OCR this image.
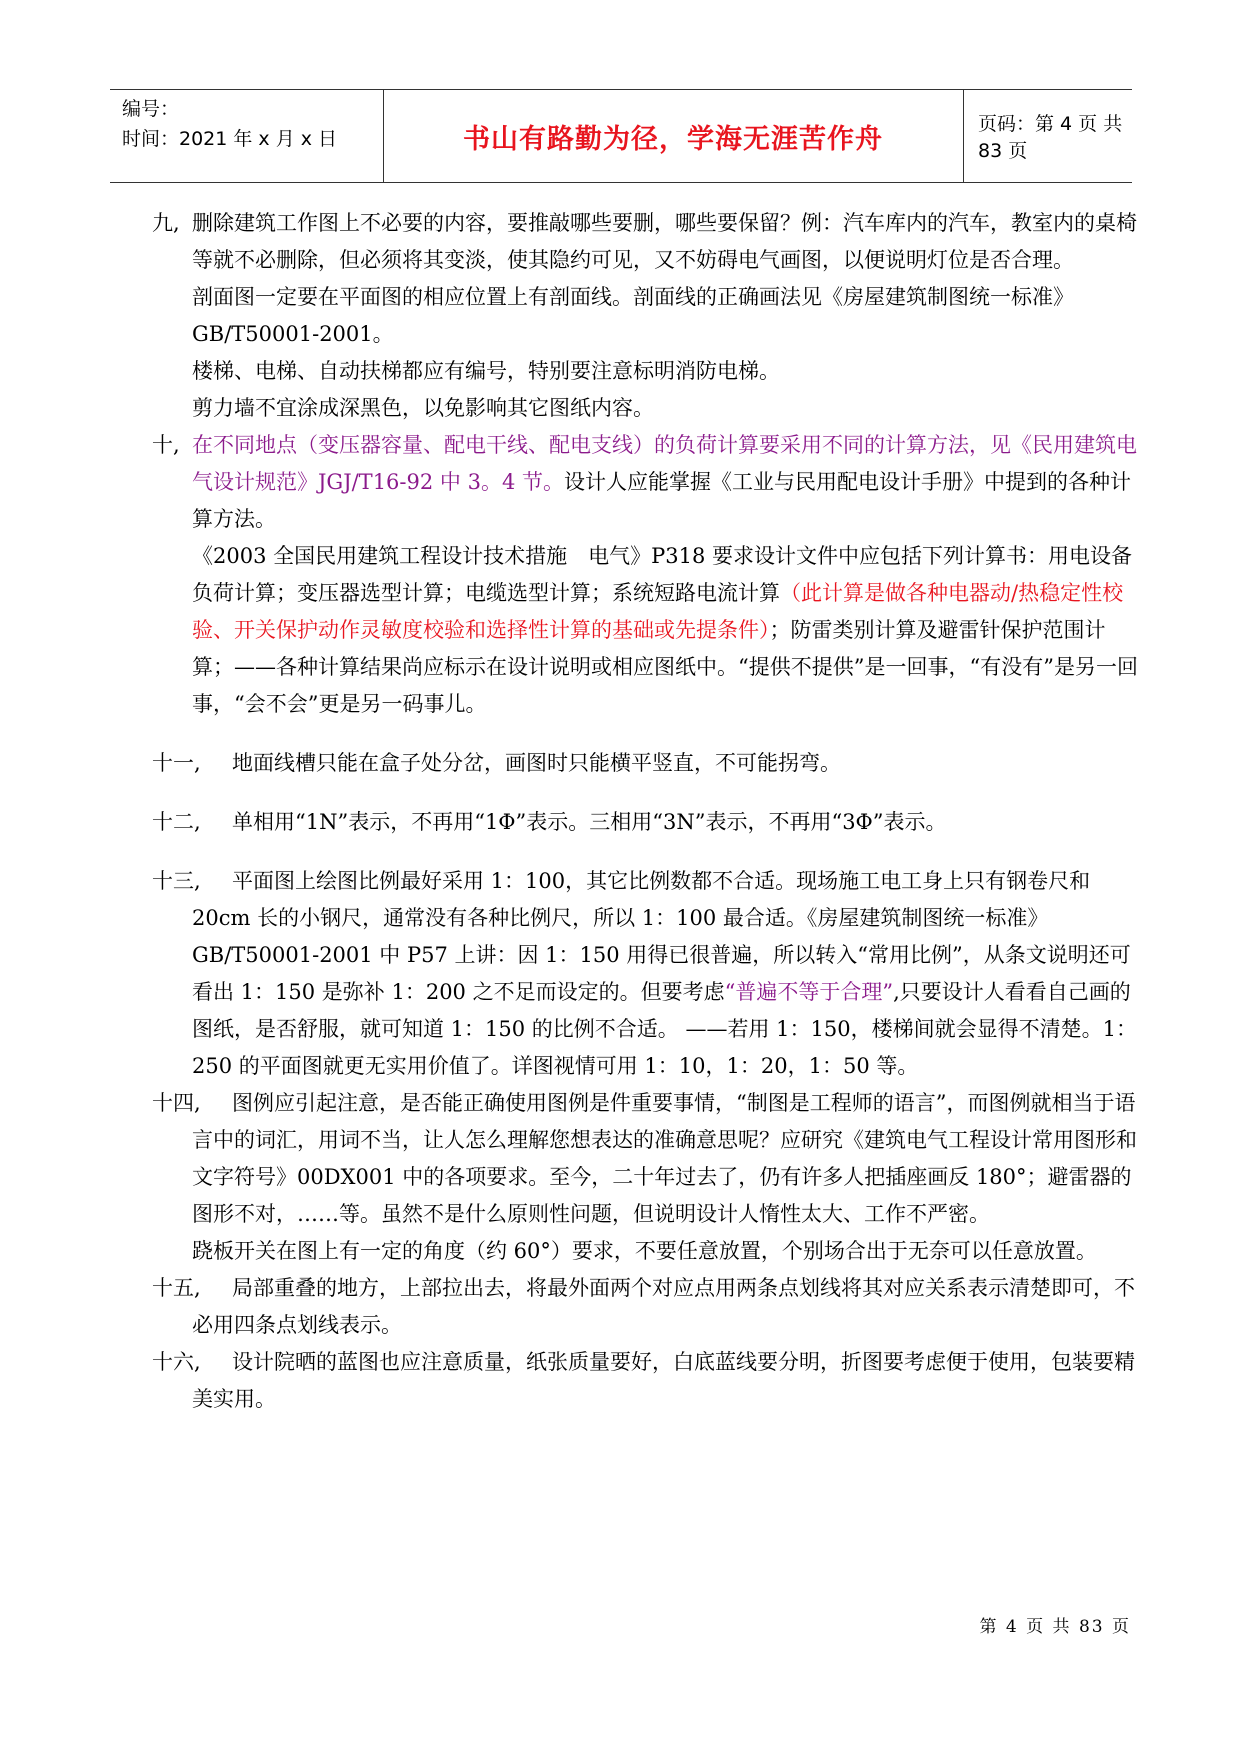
编号：
时间：2021 年 x 月 x 日	书山有路勤为径，学海无涯苦作舟	页码：第 4 页 共 83 页

九, 删除建筑工作图上不必要的内容，要推敲哪些要删，哪些要保留？例：汽车库内的汽车，教室内的桌椅等就不必删除，但必须将其变淡，使其隐约可见，又不妨碍电气画图，以便说明灯位是否合理。

剖面图一定要在平面图的相应位置上有剖面线。剖面线的正确画法见《房屋建筑制图统一标准》GB/T50001-2001。

楼梯、电梯、自动扶梯都应有编号，特别要注意标明消防电梯。

剪力墙不宜涂成深黑色，以免影响其它图纸内容。

十, 在不同地点（变压器容量、配电干线、配电支线）的负荷计算要采用不同的计算方法，见《民用建筑电气设计规范》JGJ/T16-92 中 3。4 节。设计人应能掌握《工业与民用配电设计手册》中提到的各种计算方法。

《2003 全国民用建筑工程设计技术措施　电气》P318 要求设计文件中应包括下列计算书：用电设备负荷计算；变压器选型计算；电缆选型计算；系统短路电流计算（此计算是做各种电器动/热稳定性校验、开关保护动作灵敏度校验和选择性计算的基础或先提条件）；防雷类别计算及避雷针保护范围计算；——各种计算结果尚应标示在设计说明或相应图纸中。“提供不提供”是一回事，“有没有”是另一回事，“会不会”更是另一码事儿。

十一, 地面线槽只能在盒子处分岔，画图时只能横平竖直，不可能拐弯。

十二, 单相用“1N”表示，不再用“1Φ”表示。三相用“3N”表示，不再用“3Φ”表示。

十三, 平面图上绘图比例最好采用 1：100，其它比例数都不合适。现场施工电工身上只有钢卷尺和 20cm 长的小钢尺，通常没有各种比例尺，所以 1：100 最合适。《房屋建筑制图统一标准》GB/T50001-2001 中 P57 上讲：因 1：150 用得已很普遍，所以转入“常用比例”，从条文说明还可看出 1：150 是弥补 1：200 之不足而设定的。但要考虑“普遍不等于合理”,只要设计人看看自己画的图纸，是否舒服，就可知道 1：150 的比例不合适。 ——若用 1：150，楼梯间就会显得不清楚。1：250 的平面图就更无实用价值了。详图视情可用 1：10，1：20，1：50 等。

十四, 图例应引起注意，是否能正确使用图例是件重要事情，“制图是工程师的语言”，而图例就相当于语言中的词汇，用词不当，让人怎么理解您想表达的准确意思呢？应研究《建筑电气工程设计常用图形和文字符号》00DX001 中的各项要求。至今，二十年过去了，仍有许多人把插座画反 180°；避雷器的图形不对，……等。虽然不是什么原则性问题，但说明设计人惰性太大、工作不严密。

跷板开关在图上有一定的角度（约 60°）要求，不要任意放置，个别场合出于无奈可以任意放置。

十五, 局部重叠的地方，上部拉出去，将最外面两个对应点用两条点划线将其对应关系表示清楚即可，不必用四条点划线表示。

十六, 设计院晒的蓝图也应注意质量，纸张质量要好，白底蓝线要分明，折图要考虑便于使用，包装要精美实用。

第 4 页 共 83 页
